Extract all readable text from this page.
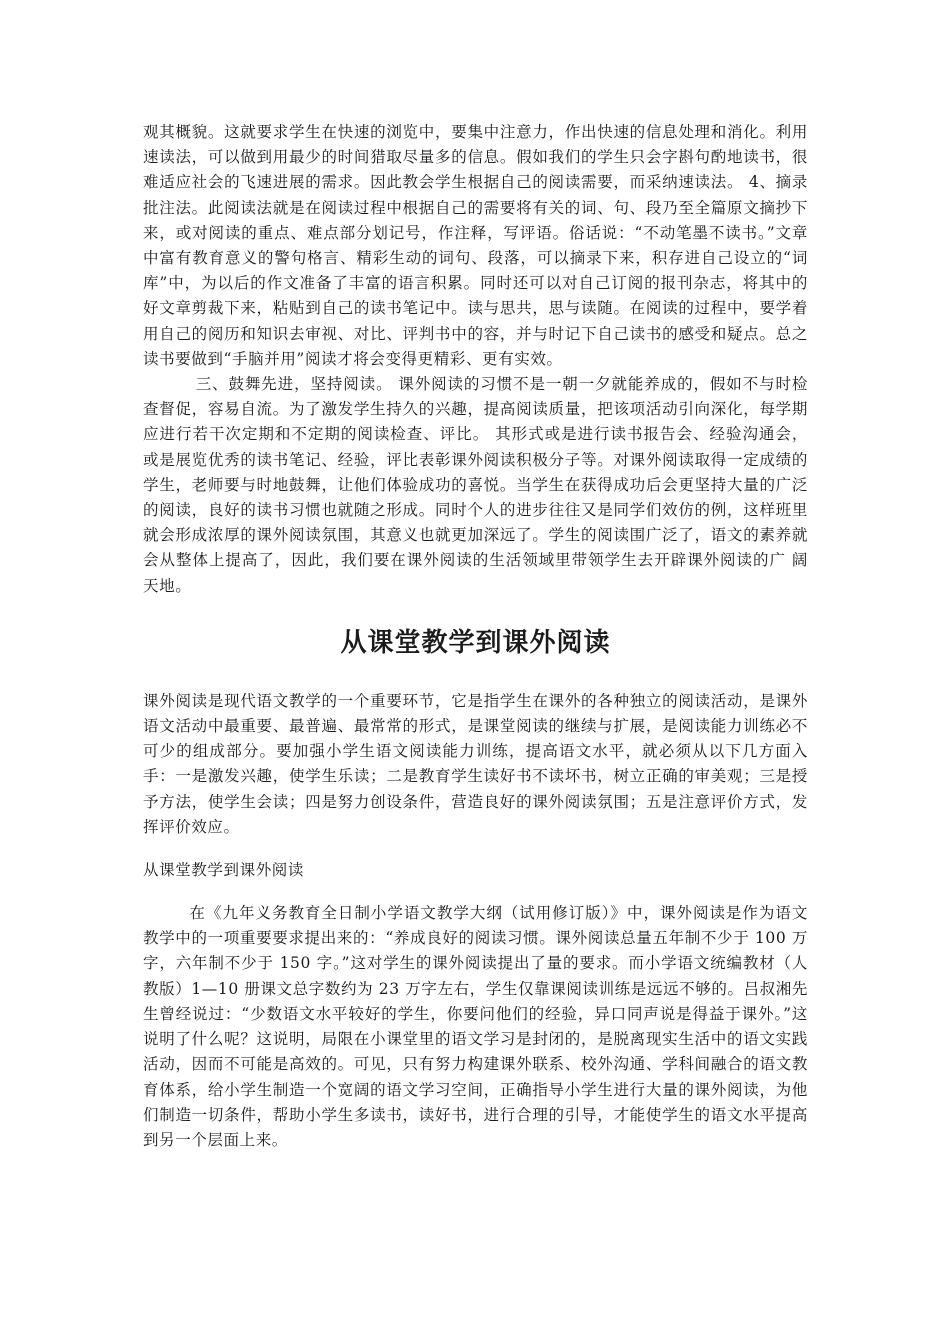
观其概貌。这就要求学生在快速的浏览中，要集中注意力，作出快速的信息处理和消化。利用速读法，可以做到用最少的时间猎取尽量多的信息。假如我们的学生只会字斟句酌地读书，很难适应社会的飞速进展的需求。因此教会学生根据自己的阅读需要，而采纳速读法。 4、摘录批注法。此阅读法就是在阅读过程中根据自己的需要将有关的词、句、段乃至全篇原文摘抄下来，或对阅读的重点、难点部分划记号，作注释，写评语。俗话说：“不动笔墨不读书。”文章中富有教育意义的警句格言、精彩生动的词句、段落，可以摘录下来，积存进自己设立的“词库”中，为以后的作文准备了丰富的语言积累。同时还可以对自己订阅的报刊杂志，将其中的好文章剪裁下来，粘贴到自己的读书笔记中。读与思共，思与读随。在阅读的过程中，要学着用自己的阅历和知识去审视、对比、评判书中的容，并与时记下自己读书的感受和疑点。总之读书要做到“手脑并用”阅读才将会变得更精彩、更有实效。

三、鼓舞先进，坚持阅读。 课外阅读的习惯不是一朝一夕就能养成的，假如不与时检查督促，容易自流。为了激发学生持久的兴趣，提高阅读质量，把该项活动引向深化，每学期应进行若干次定期和不定期的阅读检查、评比。 其形式或是进行读书报告会、经验沟通会，或是展览优秀的读书笔记、经验，评比表彰课外阅读积极分子等。对课外阅读取得一定成绩的学生，老师要与时地鼓舞，让他们体验成功的喜悦。当学生在获得成功后会更坚持大量的广泛的阅读，良好的读书习惯也就随之形成。同时个人的进步往往又是同学们效仿的例，这样班里就会形成浓厚的课外阅读氛围，其意义也就更加深远了。学生的阅读围广泛了，语文的素养就会从整体上提高了，因此，我们要在课外阅读的生活领域里带领学生去开辟课外阅读的广 阔天地。

从课堂教学到课外阅读

课外阅读是现代语文教学的一个重要环节，它是指学生在课外的各种独立的阅读活动，是课外语文活动中最重要、最普遍、最常常的形式，是课堂阅读的继续与扩展，是阅读能力训练必不可少的组成部分。要加强小学生语文阅读能力训练，提高语文水平，就必须从以下几方面入手：一是激发兴趣，使学生乐读；二是教育学生读好书不读坏书，树立正确的审美观；三是授予方法，使学生会读；四是努力创设条件，营造良好的课外阅读氛围；五是注意评价方式，发挥评价效应。

从课堂教学到课外阅读

在《九年义务教育全日制小学语文教学大纲（试用修订版）》中，课外阅读是作为语文教学中的一项重要要求提出来的：“养成良好的阅读习惯。课外阅读总量五年制不少于 100 万字，六年制不少于 150 字。”这对学生的课外阅读提出了量的要求。而小学语文统编教材（人教版）1—10 册课文总字数约为 23 万字左右，学生仅靠课阅读训练是远远不够的。吕叔湘先生曾经说过：“少数语文水平较好的学生，你要问他们的经验，异口同声说是得益于课外。”这说明了什么呢？这说明，局限在小课堂里的语文学习是封闭的，是脱离现实生活中的语文实践活动，因而不可能是高效的。可见，只有努力构建课外联系、校外沟通、学科间融合的语文教育体系，给小学生制造一个宽阔的语文学习空间，正确指导小学生进行大量的课外阅读，为他们制造一切条件，帮助小学生多读书，读好书，进行合理的引导，才能使学生的语文水平提高到另一个层面上来。
